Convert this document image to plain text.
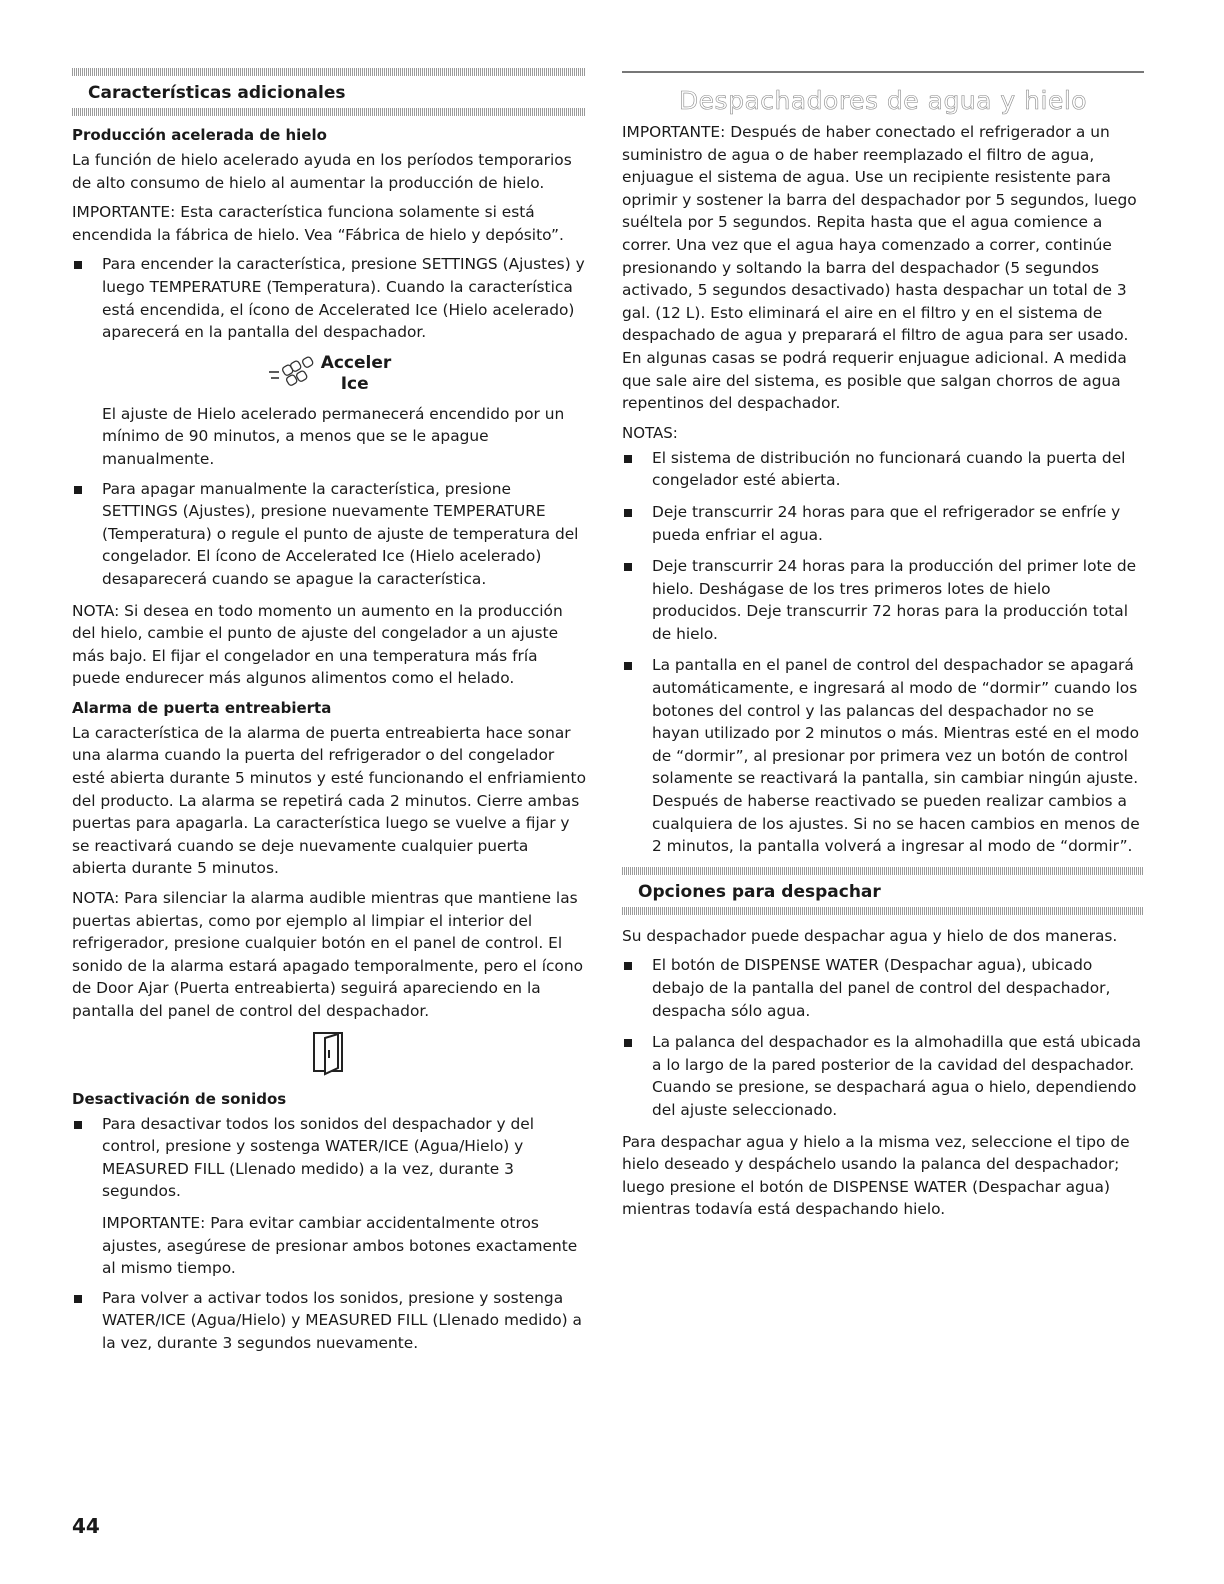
Características adicionales
Producción acelerada de hielo

La función de hielo acelerado ayuda en los períodos temporarios de alto consumo de hielo al aumentar la producción de hielo.

IMPORTANTE: Esta característica funciona solamente si está encendida la fábrica de hielo. Vea “Fábrica de hielo y depósito”.

Para encender la característica, presione SETTINGS (Ajustes) y luego TEMPERATURE (Temperatura). Cuando la característica está encendida, el ícono de Accelerated Ice (Hielo acelerado) aparecerá en la pantalla del despachador.
Acceler
Ice

El ajuste de Hielo acelerado permanecerá encendido por un mínimo de 90 minutos, a menos que se le apague manualmente.

Para apagar manualmente la característica, presione SETTINGS (Ajustes), presione nuevamente TEMPERATURE (Temperatura) o regule el punto de ajuste de temperatura del congelador. El ícono de Accelerated Ice (Hielo acelerado) desaparecerá cuando se apague la característica.

NOTA: Si desea en todo momento un aumento en la producción del hielo, cambie el punto de ajuste del congelador a un ajuste más bajo. El fijar el congelador en una temperatura más fría puede endurecer más algunos alimentos como el helado.

Alarma de puerta entreabierta

La característica de la alarma de puerta entreabierta hace sonar una alarma cuando la puerta del refrigerador o del congelador esté abierta durante 5 minutos y esté funcionando el enfriamiento del producto. La alarma se repetirá cada 2 minutos. Cierre ambas puertas para apagarla. La característica luego se vuelve a fijar y se reactivará cuando se deje nuevamente cualquier puerta abierta durante 5 minutos.

NOTA: Para silenciar la alarma audible mientras que mantiene las puertas abiertas, como por ejemplo al limpiar el interior del refrigerador, presione cualquier botón en el panel de control. El sonido de la alarma estará apagado temporalmente, pero el ícono de Door Ajar (Puerta entreabierta) seguirá apareciendo en la pantalla del panel de control del despachador.

Desactivación de sonidos
Para desactivar todos los sonidos del despachador y del control, presione y sostenga WATER/ICE (Agua/Hielo) y MEASURED FILL (Llenado medido) a la vez, durante 3 segundos.

IMPORTANTE: Para evitar cambiar accidentalmente otros ajustes, asegúrese de presionar ambos botones exactamente al mismo tiempo.

Para volver a activar todos los sonidos, presione y sostenga WATER/ICE (Agua/Hielo) y MEASURED FILL (Llenado medido) a la vez, durante 3 segundos nuevamente.
Despachadores de agua y hielo

IMPORTANTE: Después de haber conectado el refrigerador a un suministro de agua o de haber reemplazado el filtro de agua, enjuague el sistema de agua. Use un recipiente resistente para oprimir y sostener la barra del despachador por 5 segundos, luego suéltela por 5 segundos. Repita hasta que el agua comience a correr. Una vez que el agua haya comenzado a correr, continúe presionando y soltando la barra del despachador (5 segundos activado, 5 segundos desactivado) hasta despachar un total de 3 gal. (12 L). Esto eliminará el aire en el filtro y en el sistema de despachado de agua y preparará el filtro de agua para ser usado. En algunas casas se podrá requerir enjuague adicional. A medida que sale aire del sistema, es posible que salgan chorros de agua repentinos del despachador.

NOTAS:
El sistema de distribución no funcionará cuando la puerta del congelador esté abierta.
Deje transcurrir 24 horas para que el refrigerador se enfríe y pueda enfriar el agua.
Deje transcurrir 24 horas para la producción del primer lote de hielo. Deshágase de los tres primeros lotes de hielo producidos. Deje transcurrir 72 horas para la producción total de hielo.
La pantalla en el panel de control del despachador se apagará automáticamente, e ingresará al modo de “dormir” cuando los botones del control y las palancas del despachador no se hayan utilizado por 2 minutos o más. Mientras esté en el modo de “dormir”, al presionar por primera vez un botón de control solamente se reactivará la pantalla, sin cambiar ningún ajuste. Después de haberse reactivado se pueden realizar cambios a cualquiera de los ajustes. Si no se hacen cambios en menos de 2 minutos, la pantalla volverá a ingresar al modo de “dormir”.
Opciones para despachar

Su despachador puede despachar agua y hielo de dos maneras.

El botón de DISPENSE WATER (Despachar agua), ubicado debajo de la pantalla del panel de control del despachador, despacha sólo agua.
La palanca del despachador es la almohadilla que está ubicada a lo largo de la pared posterior de la cavidad del despachador. Cuando se presione, se despachará agua o hielo, dependiendo del ajuste seleccionado.

Para despachar agua y hielo a la misma vez, seleccione el tipo de hielo deseado y despáchelo usando la palanca del despachador; luego presione el botón de DISPENSE WATER (Despachar agua) mientras todavía está despachando hielo.

44
